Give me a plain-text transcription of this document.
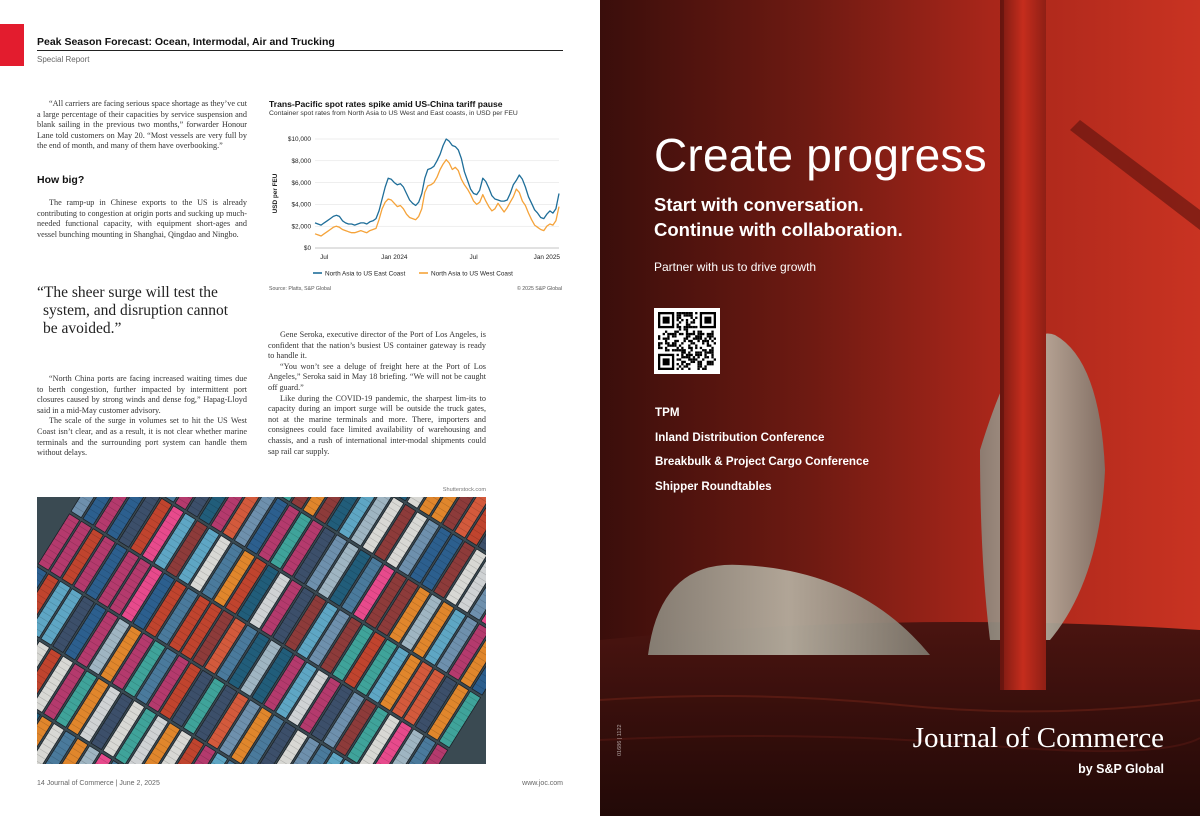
Peak Season Forecast: Ocean, Intermodal, Air and Trucking
Special Report

“All carriers are facing serious space shortage as they’ve cut a large percentage of their capacities by service suspension and blank sailing in the previous two months,” forwarder Honour Lane told customers on May 20. “Most vessels are very full by the end of month, and many of them have overbooking.”

How big?

The ramp-up in Chinese exports to the US is already contributing to congestion at origin ports and sucking up much-needed functional capacity, with equipment short-ages and vessel bunching mounting in Shanghai, Qingdao and Ningbo.

“The sheer surge will test the
system, and disruption cannot
be avoided.”

“North China ports are facing increased waiting times due to berth congestion, further impacted by intermittent port closures caused by strong winds and dense fog,” Hapag-Lloyd said in a mid-May customer advisory.

The scale of the surge in volumes set to hit the US West Coast isn’t clear, and as a result, it is not clear whether marine terminals and the surrounding port system can handle them without delays.

Gene Seroka, executive director of the Port of Los Angeles, is confident that the nation’s busiest US container gateway is ready to handle it.

“You won’t see a deluge of freight here at the Port of Los Angeles,” Seroka said in May 18 briefing. “We will not be caught off guard.”

Like during the COVID-19 pandemic, the sharpest lim-its to capacity during an import surge will be outside the truck gates, not at the marine terminals and more. There, importers and consignees could face limited availability of warehousing and chassis, and a rush of international inter-modal shipments could sap rail car supply.

Trans-Pacific spot rates spike amid US-China tariff pause
Container spot rates from North Asia to US West and East coasts, in USD per FEU
$0
$2,000
$4,000
$6,000
$8,000
$10,000
Jul	Jan 2024	Jul	Jan 2025
USD per FEU
North Asia to US East Coast	North Asia to US West Coast
Source: Platts, S&P Global	© 2025 S&P Global
Shutterstock.com
14 Journal of Commerce | June 2, 2025	www.joc.com
Create progress
Start with conversation.
Continue with collaboration.
Partner with us to drive growth
TPM
Inland Distribution Conference
Breakbulk & Project Cargo Conference
Shipper Roundtables
Journal of Commerce
by S&P Global
01686 | 1122
